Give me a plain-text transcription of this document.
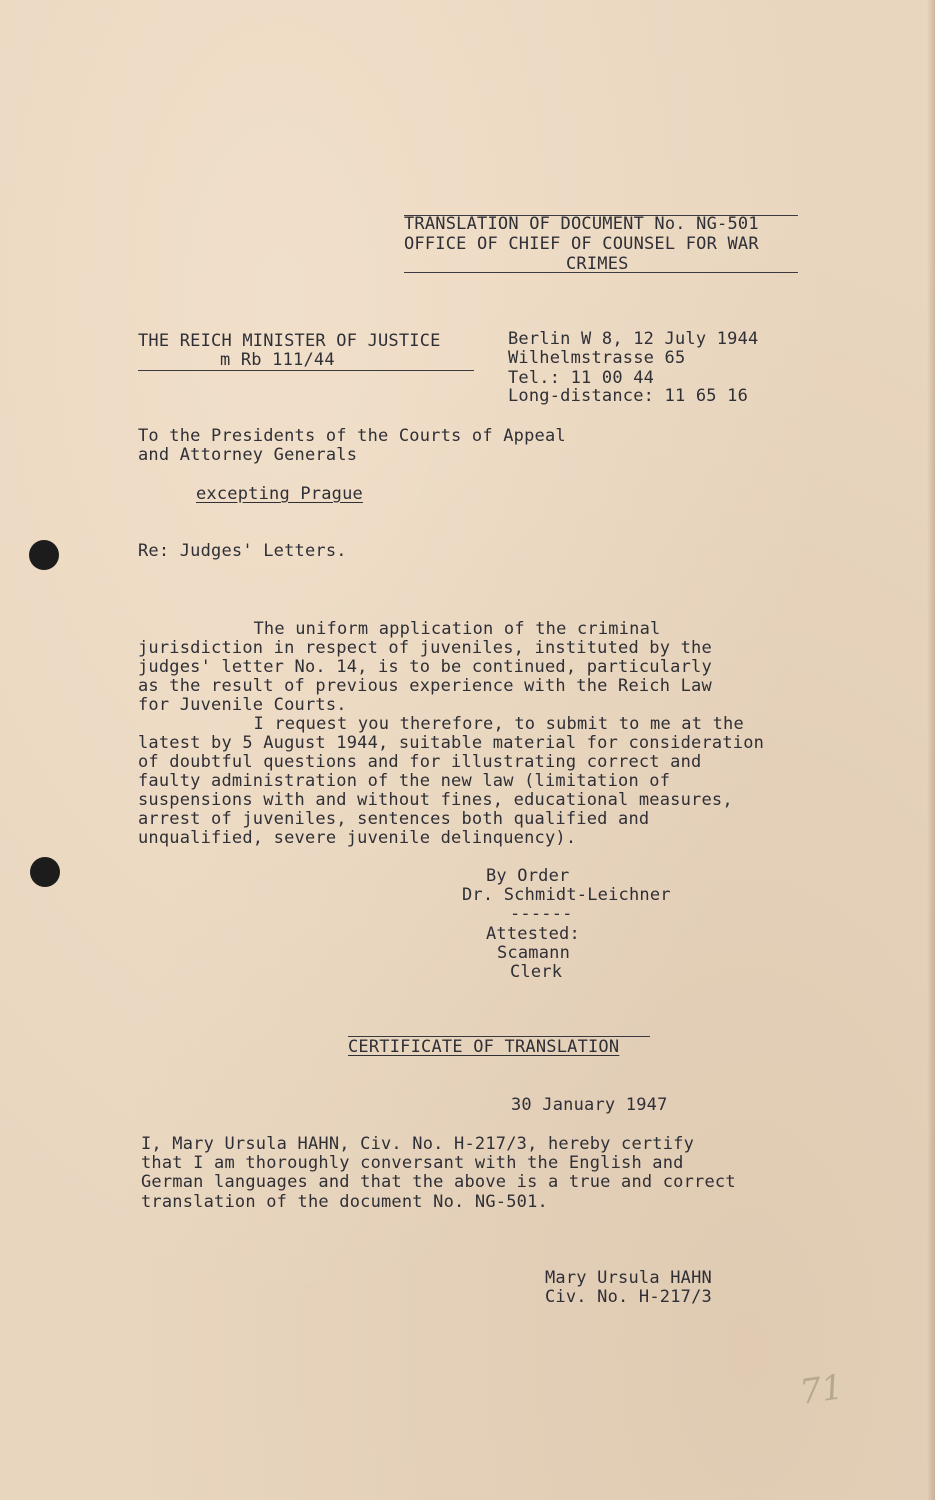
TRANSLATION OF DOCUMENT No. NG-501
OFFICE OF CHIEF OF COUNSEL FOR WAR
CRIMES
THE REICH MINISTER OF JUSTICE
m Rb 111/44
Berlin W 8, 12 July 1944
Wilhelmstrasse 65
Tel.: 11 00 44
Long-distance: 11 65 16
To the Presidents of the Courts of Appeal
and Attorney Generals
excepting Prague
Re: Judges' Letters.
The uniform application of the criminal
jurisdiction in respect of juveniles, instituted by the
judges' letter No. 14, is to be continued, particularly
as the result of previous experience with the Reich Law
for Juvenile Courts.
I request you therefore, to submit to me at the
latest by 5 August 1944, suitable material for consideration
of doubtful questions and for illustrating correct and
faulty administration of the new law (limitation of
suspensions with and without fines, educational measures,
arrest of juveniles, sentences both qualified and
unqualified, severe juvenile delinquency).
By Order
Dr. Schmidt-Leichner
------
Attested:
Scamann
Clerk
CERTIFICATE OF TRANSLATION
30 January 1947
I, Mary Ursula HAHN, Civ. No. H-217/3, hereby certify
that I am thoroughly conversant with the English and
German languages and that the above is a true and correct
translation of the document No. NG-501.
Mary Ursula HAHN
Civ. No. H-217/3
71
